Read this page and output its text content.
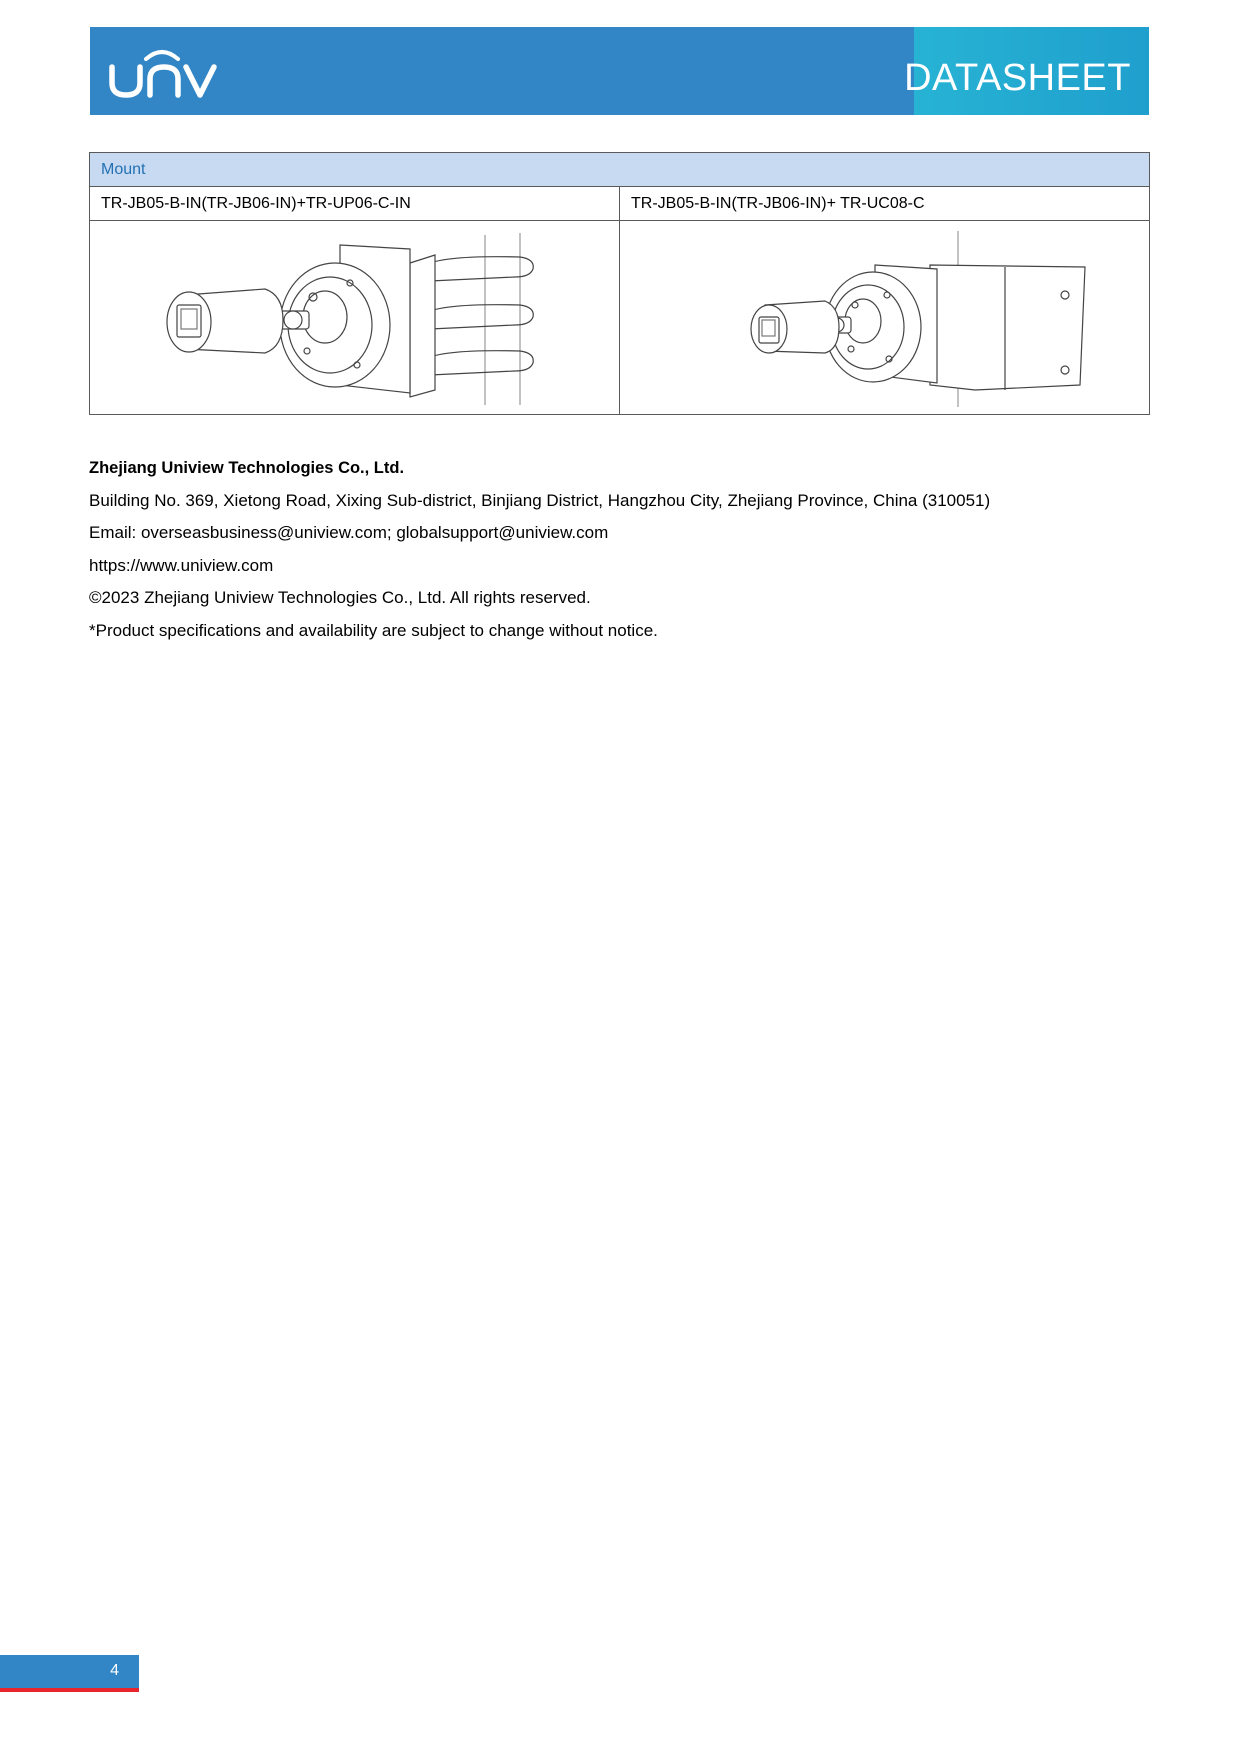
DATASHEET
Mount	
TR-JB05-B-IN(TR-JB06-IN)+TR-UP06-C-IN	TR-JB05-B-IN(TR-JB06-IN)+ TR-UC08-C

Zhejiang Uniview Technologies Co., Ltd.

Building No. 369, Xietong Road, Xixing Sub-district, Binjiang District, Hangzhou City, Zhejiang Province, China (310051)

Email: overseasbusiness@uniview.com; globalsupport@uniview.com

https://www.uniview.com

©2023 Zhejiang Uniview Technologies Co., Ltd. All rights reserved.

*Product specifications and availability are subject to change without notice.

4
